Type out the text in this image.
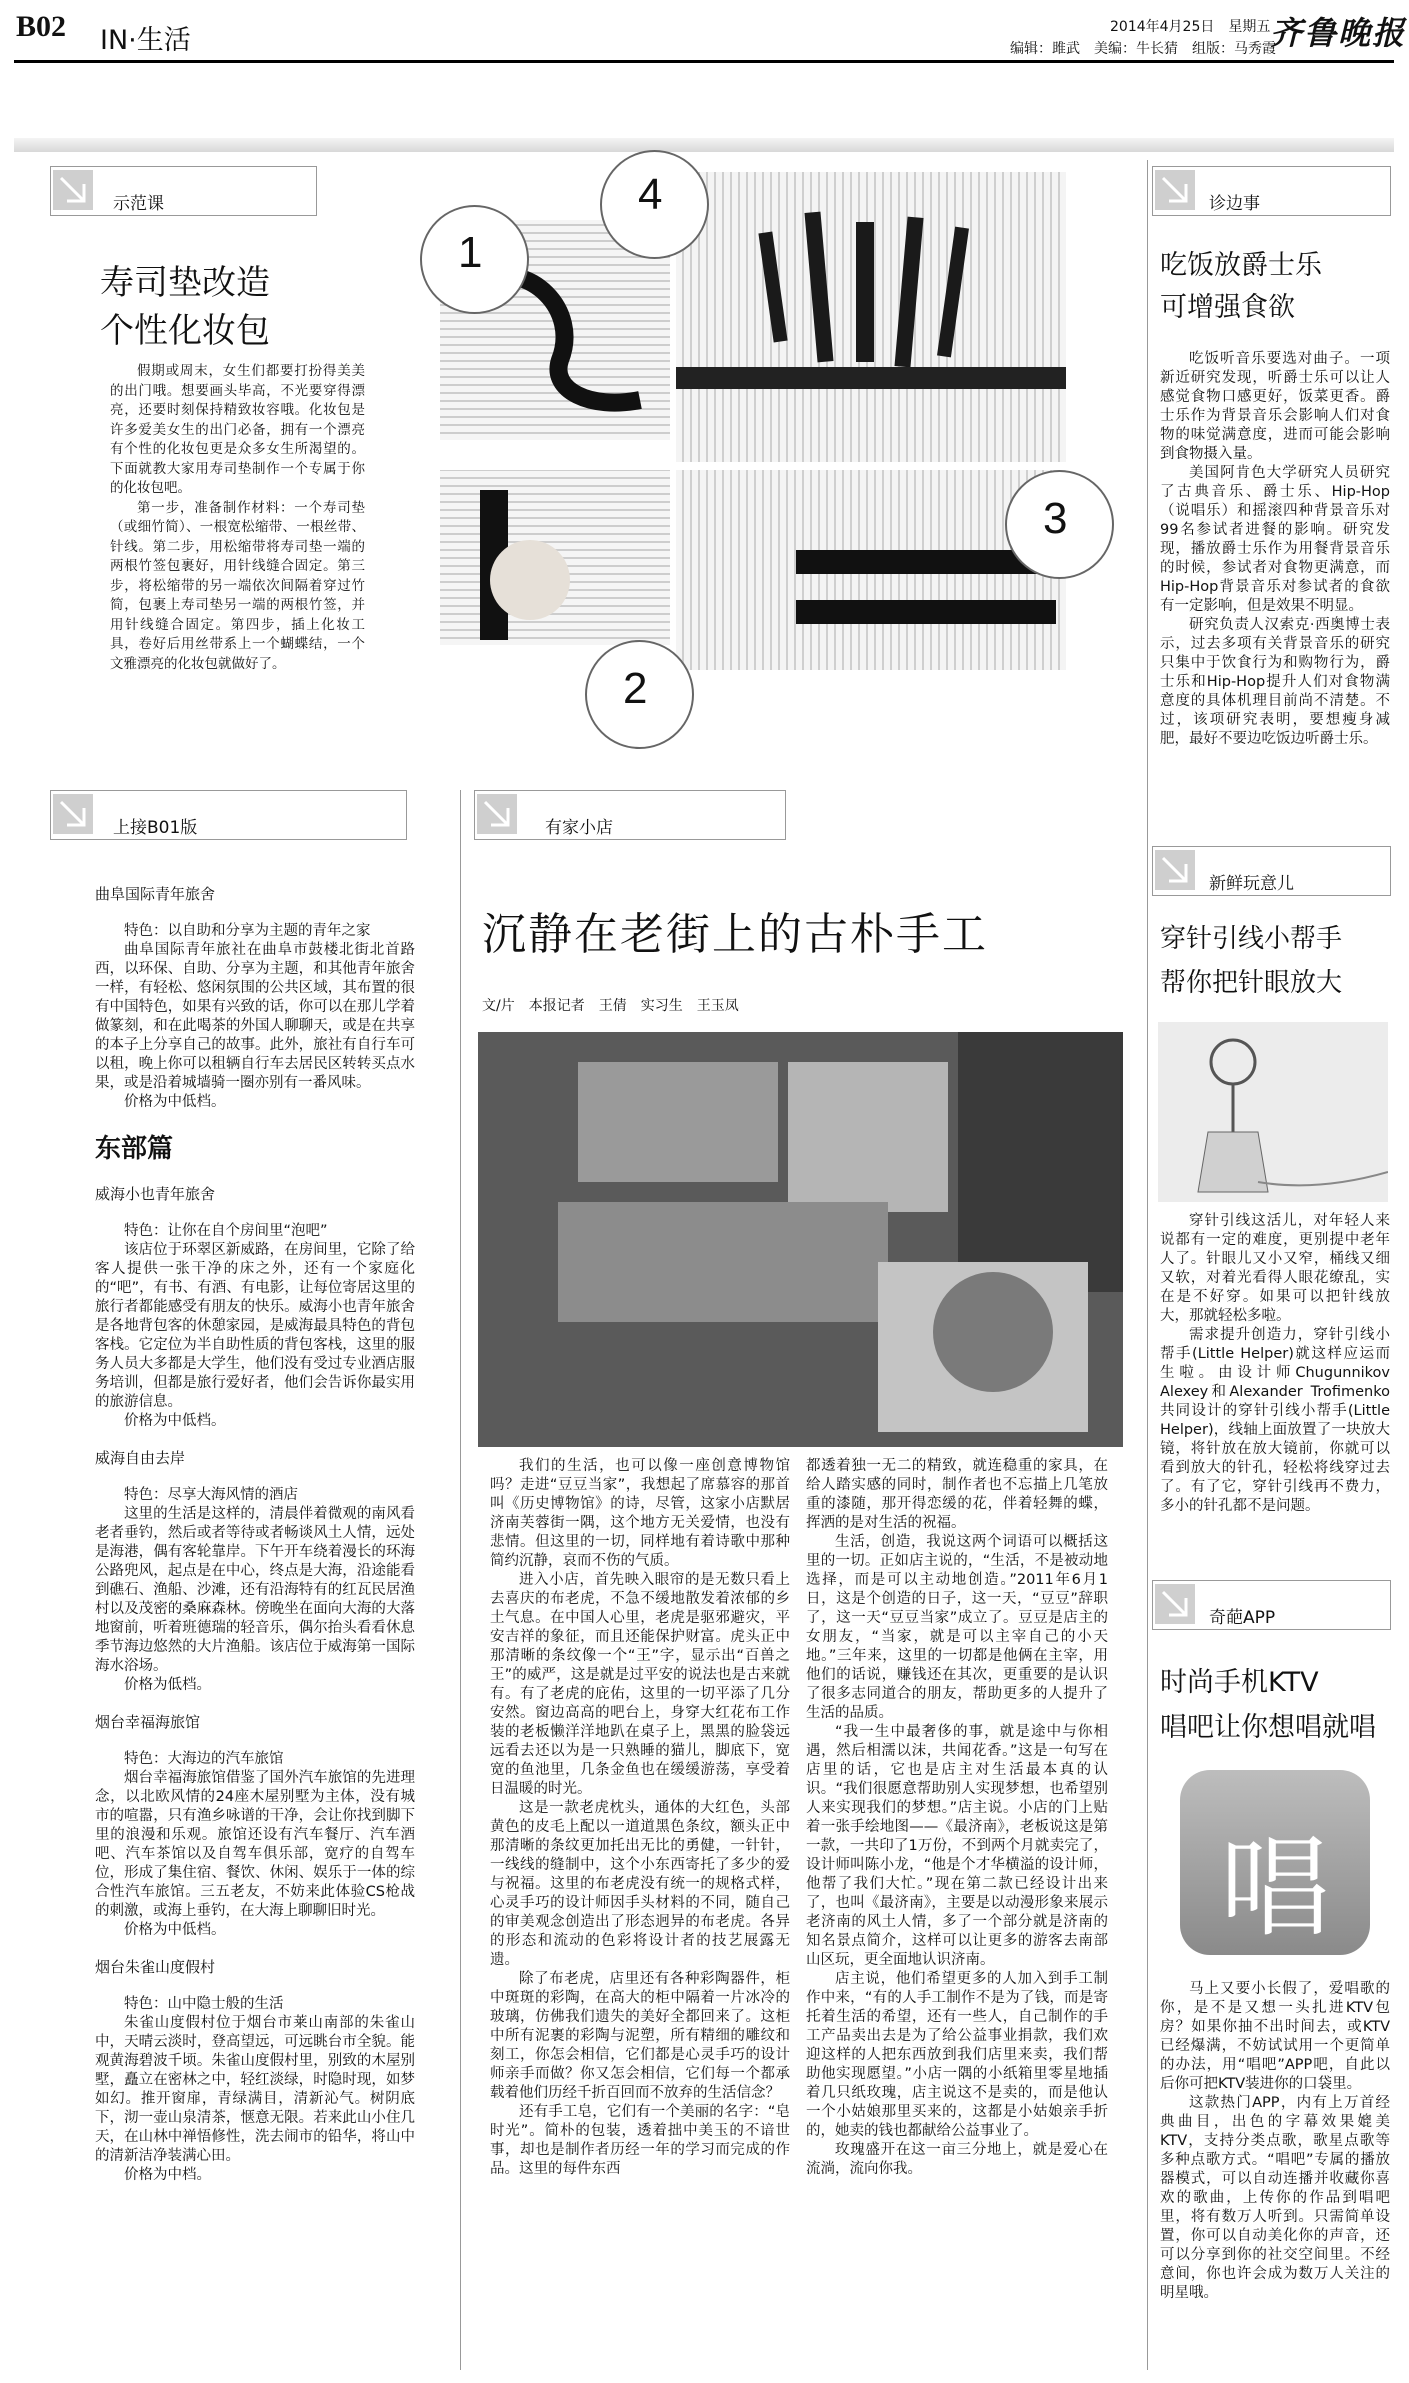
B02 IN·生活	2014年4月25日　星期五
编辑：雎武　美编：牛长猜　组版：马秀霞
齐鲁晚报
示范课
寿司垫改造
个性化妆包

假期或周末，女生们都要打扮得美美的出门哦。想要画头毕高，不光要穿得漂亮，还要时刻保持精致妆容哦。化妆包是许多爱美女生的出门必备，拥有一个漂亮有个性的化妆包更是众多女生所渴望的。下面就教大家用寿司垫制作一个专属于你的化妆包吧。

第一步，准备制作材料：一个寿司垫（或细竹简）、一根宽松缩带、一根丝带、针线。第二步，用松缩带将寿司垫一端的两根竹签包裹好，用针线缝合固定。第三步，将松缩带的另一端依次间隔着穿过竹简，包裹上寿司垫另一端的两根竹签，并用针线缝合固定。第四步，插上化妆工具，卷好后用丝带系上一个蝴蝶结，一个文雅漂亮的化妆包就做好了。

1
4
3
2
诊边事
吃饭放爵士乐
可增强食欲

吃饭听音乐要选对曲子。一项新近研究发现，听爵士乐可以让人感觉食物口感更好，饭菜更香。爵士乐作为背景音乐会影响人们对食物的味觉满意度，进而可能会影响到食物摄入量。

美国阿肯色大学研究人员研究了古典音乐、爵士乐、Hip-Hop（说唱乐）和摇滚四种背景音乐对99名参试者进餐的影响。研究发现，播放爵士乐作为用餐背景音乐的时候，参试者对食物更满意，而Hip-Hop背景音乐对参试者的食欲有一定影响，但是效果不明显。

研究负责人汉索克·西奥博士表示，过去多项有关背景音乐的研究只集中于饮食行为和购物行为，爵士乐和Hip-Hop提升人们对食物满意度的具体机理目前尚不清楚。不过，该项研究表明，要想瘦身减肥，最好不要边吃饭边听爵士乐。

上接B01版
曲阜国际青年旅舍

特色：以自助和分享为主题的青年之家

曲阜国际青年旅社在曲阜市鼓楼北街北首路西，以环保、自助、分享为主题，和其他青年旅舍一样，有轻松、悠闲氛围的公共区域，其布置的很有中国特色，如果有兴致的话，你可以在那儿学着做篆刻，和在此喝茶的外国人聊聊天，或是在共享的本子上分享自己的故事。此外，旅社有自行车可以租，晚上你可以租辆自行车去居民区转转买点水果，或是沿着城墙骑一圈亦别有一番风味。

价格为中低档。

东部篇
威海小也青年旅舍

特色：让你在自个房间里“泡吧”

该店位于环翠区新威路，在房间里，它除了给客人提供一张干净的床之外，还有一个家庭化的“吧”，有书、有酒、有电影，让每位寄居这里的旅行者都能感受有朋友的快乐。威海小也青年旅舍是各地背包客的休憩家园，是威海最具特色的背包客栈。它定位为半自助性质的背包客栈，这里的服务人员大多都是大学生，他们没有受过专业酒店服务培训，但都是旅行爱好者，他们会告诉你最实用的旅游信息。

价格为中低档。

威海自由去岸

特色：尽享大海风情的酒店

这里的生活是这样的，清晨伴着微观的南风看老者垂钓，然后或者等待或者畅谈风土人情，远处是海港，偶有客轮靠岸。下午开车绕着漫长的环海公路兜风，起点是在中心，终点是大海，沿途能看到礁石、渔船、沙滩，还有沿海特有的红瓦民居渔村以及茂密的桑麻森林。傍晚坐在面向大海的大落地窗前，听着班德瑞的轻音乐，偶尔抬头看看休息季节海边悠然的大片渔船。该店位于威海第一国际海水浴场。

价格为低档。

烟台幸福海旅馆

特色：大海边的汽车旅馆

烟台幸福海旅馆借鉴了国外汽车旅馆的先进理念，以北欧风情的24座木屋别墅为主体，没有城市的喧嚣，只有渔乡咏谱的干净，会让你找到脚下里的浪漫和乐观。旅馆还设有汽车餐厅、汽车酒吧、汽车茶馆以及自驾车俱乐部，宽疗的自驾车位，形成了集住宿、餐饮、休闲、娱乐于一体的综合性汽车旅馆。三五老友，不妨来此体验CS枪战的刺激，或海上垂钓，在大海上聊聊旧时光。

价格为中低档。

烟台朱雀山度假村

特色：山中隐士般的生活

朱雀山度假村位于烟台市莱山南部的朱雀山中，天晴云淡时，登高望远，可远眺台市全貌。能观黄海碧波千顷。朱雀山度假村里，别致的木屋别墅，矗立在密林之中，轻红淡绿，时隐时现，如梦如幻。推开窗扉，青绿满目，清新沁气。树阴底下，沏一壶山泉清茶，惬意无限。若来此山小住几天，在山林中禅悟修性，洗去闹市的铅华，将山中的清新洁净装满心田。

价格为中档。

有家小店
沉静在老街上的古朴手工
文/片　本报记者　王倩　实习生　王玉凤

我们的生活，也可以像一座创意博物馆吗？走进“豆豆当家”，我想起了席慕容的那首叫《历史博物馆》的诗，尽管，这家小店默居济南芙蓉街一隅，这个地方无关爱情，也没有悲情。但这里的一切，同样地有着诗歌中那种简约沉静，哀而不伤的气质。

进入小店，首先映入眼帘的是无数只看上去喜庆的布老虎，不急不缓地散发着浓郁的乡土气息。在中国人心里，老虎是驱邪避灾，平安吉祥的象征，而且还能保护财富。虎头正中那清晰的条纹像一个“王”字，显示出“百兽之王”的威严，这是就是过平安的说法也是古来就有。有了老虎的庇佑，这里的一切平添了几分安然。窗边高高的吧台上，身穿大红花布工作装的老板懒洋洋地趴在桌子上，黑黑的脸袋远远看去还以为是一只熟睡的猫儿，脚底下，宽宽的鱼池里，几条金鱼也在缓缓游荡，享受着日温暖的时光。

这是一款老虎枕头，通体的大红色，头部黄色的皮毛上配以一道道黑色条纹，额头正中那清晰的条纹更加托出无比的勇健，一针针，一线线的缝制中，这个小东西寄托了多少的爱与祝福。这里的布老虎没有统一的规格式样，心灵手巧的设计师因手头材料的不同，随自己的审美观念创造出了形态迥异的布老虎。各异的形态和流动的色彩将设计者的技艺展露无遗。

除了布老虎，店里还有各种彩陶器件，柜中斑斑的彩陶，在高大的柜中隔着一片冰冷的玻璃，仿佛我们遗失的美好全都回来了。这柜中所有泥裹的彩陶与泥塑，所有精细的雕纹和刻工，你怎会相信，它们都是心灵手巧的设计师亲手而做？你又怎会相信，它们每一个都承载着他们历经千折百回而不放弃的生活信念？

还有手工皂，它们有一个美丽的名字：“皂时光”。简朴的包装，透着拙中美玉的不谙世事，却也是制作者历经一年的学习而完成的作品。这里的每件东西

都透着独一无二的精致，就连稳重的家具，在给人踏实感的同时，制作者也不忘描上几笔放重的漆随，那开得恋缓的花，伴着轻舞的蝶，挥洒的是对生活的祝福。

生活，创造，我说这两个词语可以概括这里的一切。正如店主说的，“生活，不是被动地选择，而是可以主动地创造。”2011年6月1日，这是个创造的日子，这一天，“豆豆”辞职了，这一天“豆豆当家”成立了。豆豆是店主的女朋友，“当家，就是可以主宰自己的小天地。”三年来，这里的一切都是他俩在主宰，用他们的话说，赚钱还在其次，更重要的是认识了很多志同道合的朋友，帮助更多的人提升了生活的品质。

“我一生中最奢侈的事，就是途中与你相遇，然后相濡以沫，共闻花香。”这是一句写在店里的话，它也是店主对生活最本真的认识。“我们很愿意帮助别人实现梦想，也希望别人来实现我们的梦想。”店主说。小店的门上贴着一张手绘地图——《最济南》，老板说这是第一款，一共印了1万份，不到两个月就卖完了，设计师叫陈小龙，“他是个才华横溢的设计师，他帮了我们大忙。”现在第二款已经设计出来了，也叫《最济南》，主要是以动漫形象来展示老济南的风土人情，多了一个部分就是济南的知名景点简介，这样可以让更多的游客去南部山区玩，更全面地认识济南。

店主说，他们希望更多的人加入到手工制作中来，“有的人手工制作不是为了钱，而是寄托着生活的希望，还有一些人，自己制作的手工产品卖出去是为了给公益事业捐款，我们欢迎这样的人把东西放到我们店里来卖，我们帮助他实现愿望。”小店一隅的小纸箱里零星地插着几只纸玫瑰，店主说这不是卖的，而是他认一个小姑娘那里买来的，这都是小姑娘亲手折的，她卖的钱也都献给公益事业了。

玫瑰盛开在这一亩三分地上，就是爱心在流淌，流向你我。

新鲜玩意儿
穿针引线小帮手
帮你把针眼放大

穿针引线这活儿，对年轻人来说都有一定的难度，更别提中老年人了。针眼儿又小又窄，桶线又细又软，对着光看得人眼花缭乱，实在是不好穿。如果可以把针线放大，那就轻松多啦。

需求提升创造力，穿针引线小帮手(Little Helper)就这样应运而生啦。由设计师Chugunnikov Alexey和Alexander Trofimenko共同设计的穿针引线小帮手(Little Helper)，线轴上面放置了一块放大镜，将针放在放大镜前，你就可以看到放大的针孔，轻松将线穿过去了。有了它，穿针引线再不费力，多小的针孔都不是问题。

奇葩APP
时尚手机KTV
唱吧让你想唱就唱
唱

马上又要小长假了，爱唱歌的你，是不是又想一头扎进KTV包房？如果你抽不出时间去，或KTV已经爆满，不妨试试用一个更简单的办法，用“唱吧”APP吧，自此以后你可把KTV装进你的口袋里。

这款热门APP，内有上万首经典曲目，出色的字幕效果媲美KTV，支持分类点歌，歌星点歌等多种点歌方式。“唱吧”专属的播放器模式，可以自动连播并收藏你喜欢的歌曲，上传你的作品到唱吧里，将有数万人听到。只需简单设置，你可以自动美化你的声音，还可以分享到你的社交空间里。不经意间，你也许会成为数万人关注的明星哦。
